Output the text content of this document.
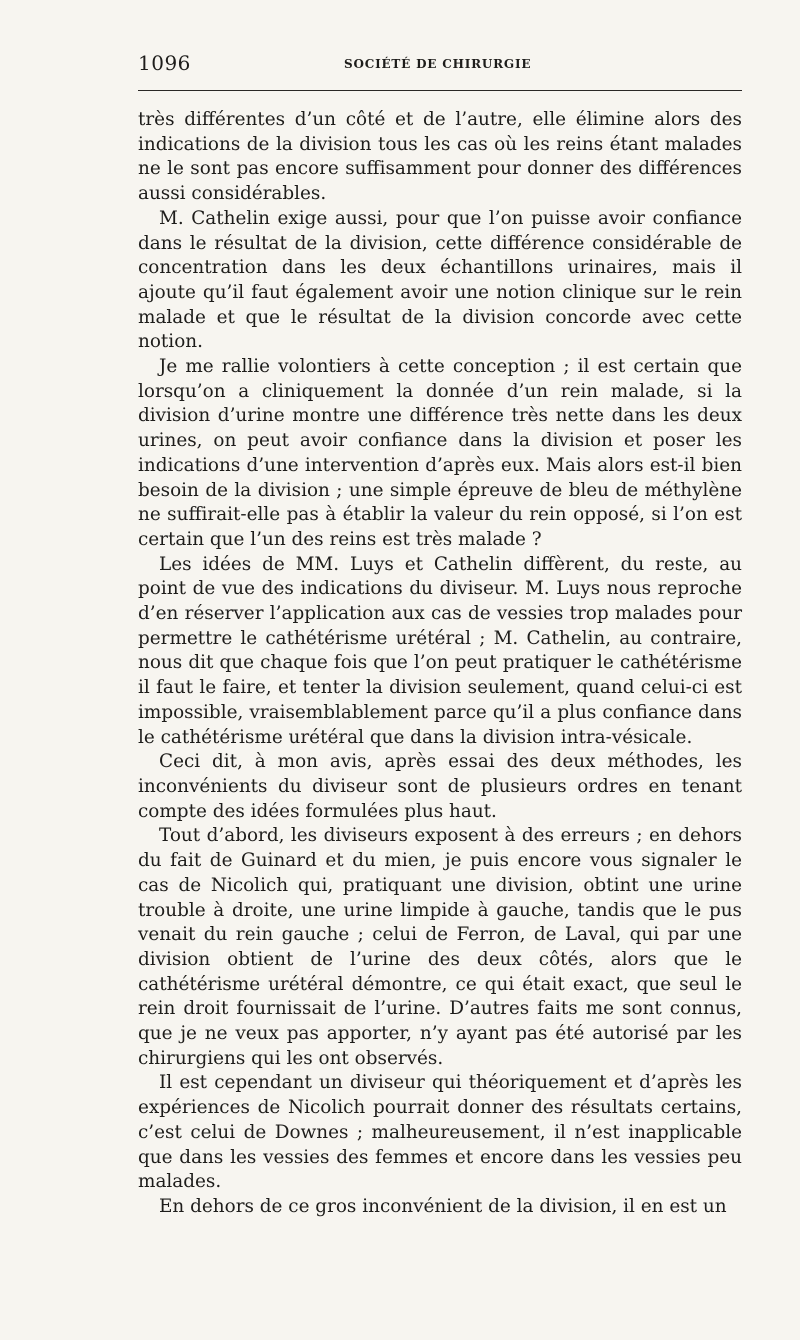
1096	SOCIÉTÉ DE CHIRURGIE

très différentes d’un côté et de l’autre, elle élimine alors des indications de la division tous les cas où les reins étant malades ne le sont pas encore suffisamment pour donner des différences aussi considérables.

M. Cathelin exige aussi, pour que l’on puisse avoir confiance dans le résultat de la division, cette différence considérable de concentration dans les deux échantillons urinaires, mais il ajoute qu’il faut également avoir une notion clinique sur le rein malade et que le résultat de la division concorde avec cette notion.

Je me rallie volontiers à cette conception ; il est certain que lorsqu’on a cliniquement la donnée d’un rein malade, si la division d’urine montre une différence très nette dans les deux urines, on peut avoir confiance dans la division et poser les indications d’une intervention d’après eux. Mais alors est-il bien besoin de la division ; une simple épreuve de bleu de méthylène ne suffirait-elle pas à établir la valeur du rein opposé, si l’on est certain que l’un des reins est très malade ?

Les idées de MM. Luys et Cathelin diffèrent, du reste, au point de vue des indications du diviseur. M. Luys nous reproche d’en réserver l’application aux cas de vessies trop malades pour permettre le cathétérisme urétéral ; M. Cathelin, au contraire, nous dit que chaque fois que l’on peut pratiquer le cathétérisme il faut le faire, et tenter la division seulement, quand celui-ci est impossible, vraisemblablement parce qu’il a plus confiance dans le cathétérisme urétéral que dans la division intra-vésicale.

Ceci dit, à mon avis, après essai des deux méthodes, les inconvénients du diviseur sont de plusieurs ordres en tenant compte des idées formulées plus haut.

Tout d’abord, les diviseurs exposent à des erreurs ; en dehors du fait de Guinard et du mien, je puis encore vous signaler le cas de Nicolich qui, pratiquant une division, obtint une urine trouble à droite, une urine limpide à gauche, tandis que le pus venait du rein gauche ; celui de Ferron, de Laval, qui par une division obtient de l’urine des deux côtés, alors que le cathétérisme urétéral démontre, ce qui était exact, que seul le rein droit fournissait de l’urine. D’autres faits me sont connus, que je ne veux pas apporter, n’y ayant pas été autorisé par les chirurgiens qui les ont observés.

Il est cependant un diviseur qui théoriquement et d’après les expériences de Nicolich pourrait donner des résultats certains, c’est celui de Downes ; malheureusement, il n’est inapplicable que dans les vessies des femmes et encore dans les vessies peu malades.

En dehors de ce gros inconvénient de la division, il en est un
